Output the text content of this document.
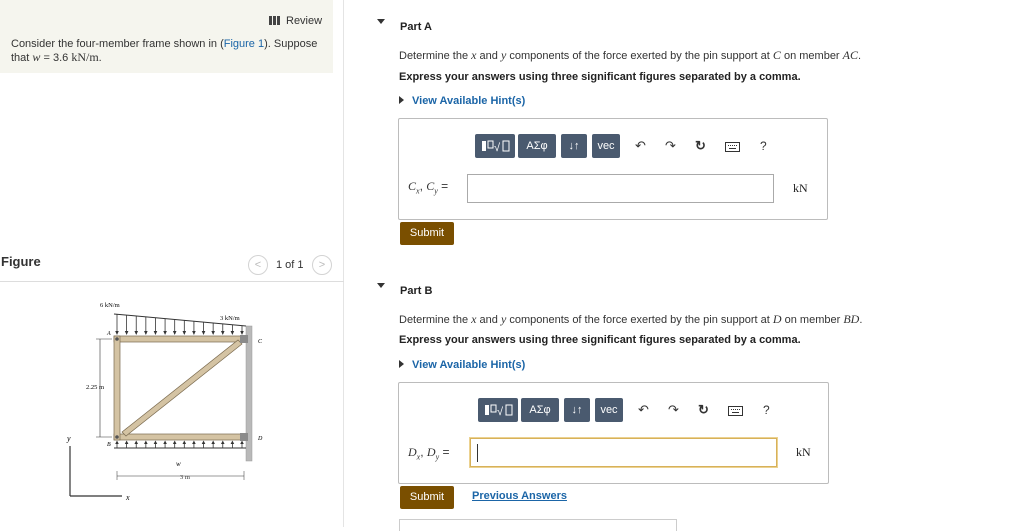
Review
Consider the four-member frame shown in (Figure 1). Suppose
that w = 3.6 kN/m.
Figure	<	1 of 1	>
y
x
6 kN/m
3 kN/m
w
A
B
C
D
2.25 m
3 m
Part A
Determine the x and y components of the force exerted by the pin support at C on member AC.
Express your answers using three significant figures separated by a comma.
View Available Hint(s)
√	ΑΣφ	↓↑	vec	↶ ↷ ↻	?
$C_x$, $C_y$ =	kN
Submit
Part B
Determine the x and y components of the force exerted by the pin support at D on member BD.
Express your answers using three significant figures separated by a comma.
View Available Hint(s)
√	ΑΣφ	↓↑	vec	↶ ↷ ↻	?
$D_x$, $D_y$ =	kN
Submit	Previous Answers
